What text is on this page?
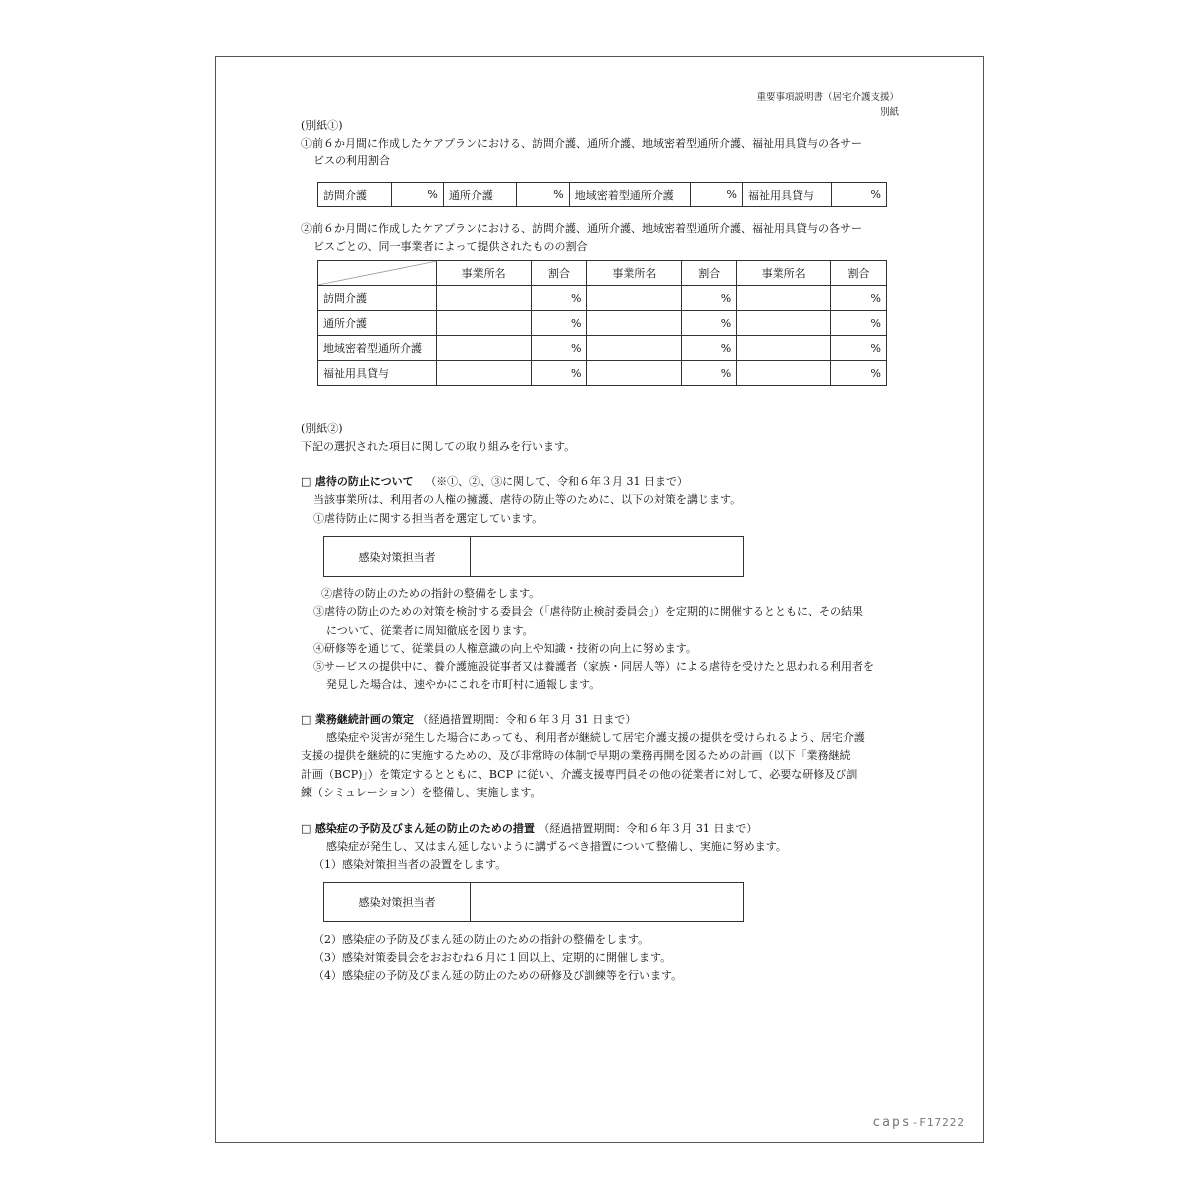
重要事項説明書（居宅介護支援）
別紙
(別紙①)
①前６か月間に作成したケアプランにおける、訪問介護、通所介護、地域密着型通所介護、福祉用具貸与の各サー
ビスの利用割合
訪問介護	%	通所介護	%	地域密着型通所介護	%	福祉用具貸与	%
②前６か月間に作成したケアプランにおける、訪問介護、通所介護、地域密着型通所介護、福祉用具貸与の各サー
ビスごとの、同一事業者によって提供されたものの割合
	事業所名	割合	事業所名	割合	事業所名	割合
訪問介護		%		%		%
通所介護		%		%		%
地域密着型通所介護		%		%		%
福祉用具貸与		%		%		%
(別紙②)
下記の選択された項目に関しての取り組みを行います。
□ 虐待の防止について （※①、②、③に関して、令和６年３月 31 日まで）
当該事業所は、利用者の人権の擁護、虐待の防止等のために、以下の対策を講じます。
①虐待防止に関する担当者を選定しています。
感染対策担当者
②虐待の防止のための指針の整備をします。
③虐待の防止のための対策を検討する委員会（「虐待防止検討委員会」）を定期的に開催するとともに、その結果
について、従業者に周知徹底を図ります。
④研修等を通じて、従業員の人権意識の向上や知識・技術の向上に努めます。
⑤サービスの提供中に、養介護施設従事者又は養護者（家族・同居人等）による虐待を受けたと思われる利用者を
発見した場合は、速やかにこれを市町村に通報します。
□ 業務継続計画の策定 （経過措置期間：令和６年３月 31 日まで）
感染症や災害が発生した場合にあっても、利用者が継続して居宅介護支援の提供を受けられるよう、居宅介護
支援の提供を継続的に実施するための、及び非常時の体制で早期の業務再開を図るための計画（以下「業務継続
計画（BCP)」）を策定するとともに、BCP に従い、介護支援専門員その他の従業者に対して、必要な研修及び訓
練（シミュレーション）を整備し、実施します。
□ 感染症の予防及びまん延の防止のための措置 （経過措置期間：令和６年３月 31 日まで）
感染症が発生し、又はまん延しないように講ずるべき措置について整備し、実施に努めます。
（1）感染対策担当者の設置をします。
感染対策担当者
（2）感染症の予防及びまん延の防止のための指針の整備をします。
（3）感染対策委員会をおおむね６月に１回以上、定期的に開催します。
（4）感染症の予防及びまん延の防止のための研修及び訓練等を行います。
caps-F17222
